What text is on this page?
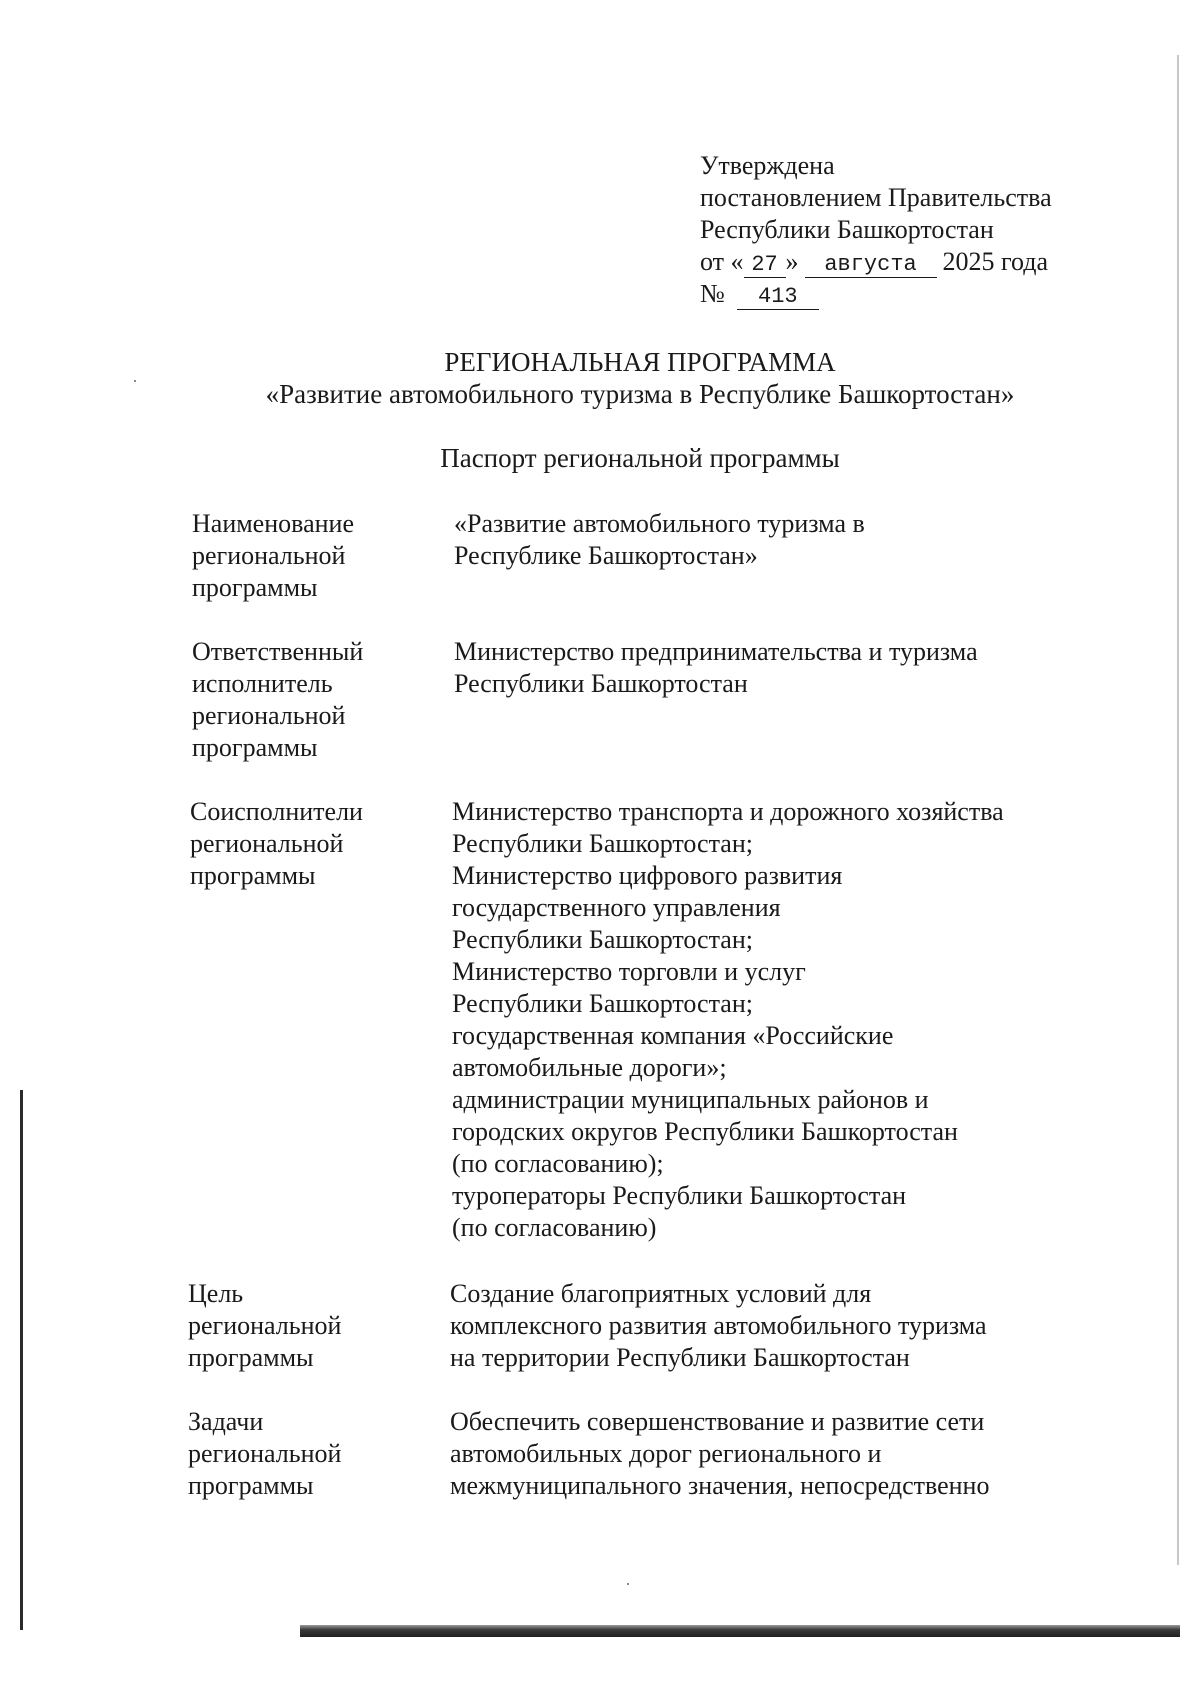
Утверждена
постановлением Правительства
Республики Башкортостан
от « 27 » августа 2025 года
№ 413
РЕГИОНАЛЬНАЯ ПРОГРАММА
«Развитие автомобильного туризма в Республике Башкортостан»
Паспорт региональной программы

Наименование

региональной

программы

«Развитие автомобильного туризма в

Республике Башкортостан»

Ответственный

исполнитель

региональной

программы

Министерство предпринимательства и туризма

Республики Башкортостан

Соисполнители

региональной

программы

Министерство транспорта и дорожного хозяйства

Республики Башкортостан;

Министерство цифрового развития

государственного управления

Республики Башкортостан;

Министерство торговли и услуг

Республики Башкортостан;

государственная компания «Российские

автомобильные дороги»;

администрации муниципальных районов и

городских округов Республики Башкортостан

(по согласованию);

туроператоры Республики Башкортостан

(по согласованию)

Цель

региональной

программы

Создание благоприятных условий для

комплексного развития автомобильного туризма

на территории Республики Башкортостан

Задачи

региональной

программы

Обеспечить совершенствование и развитие сети

автомобильных дорог регионального и

межмуниципального значения, непосредственно
